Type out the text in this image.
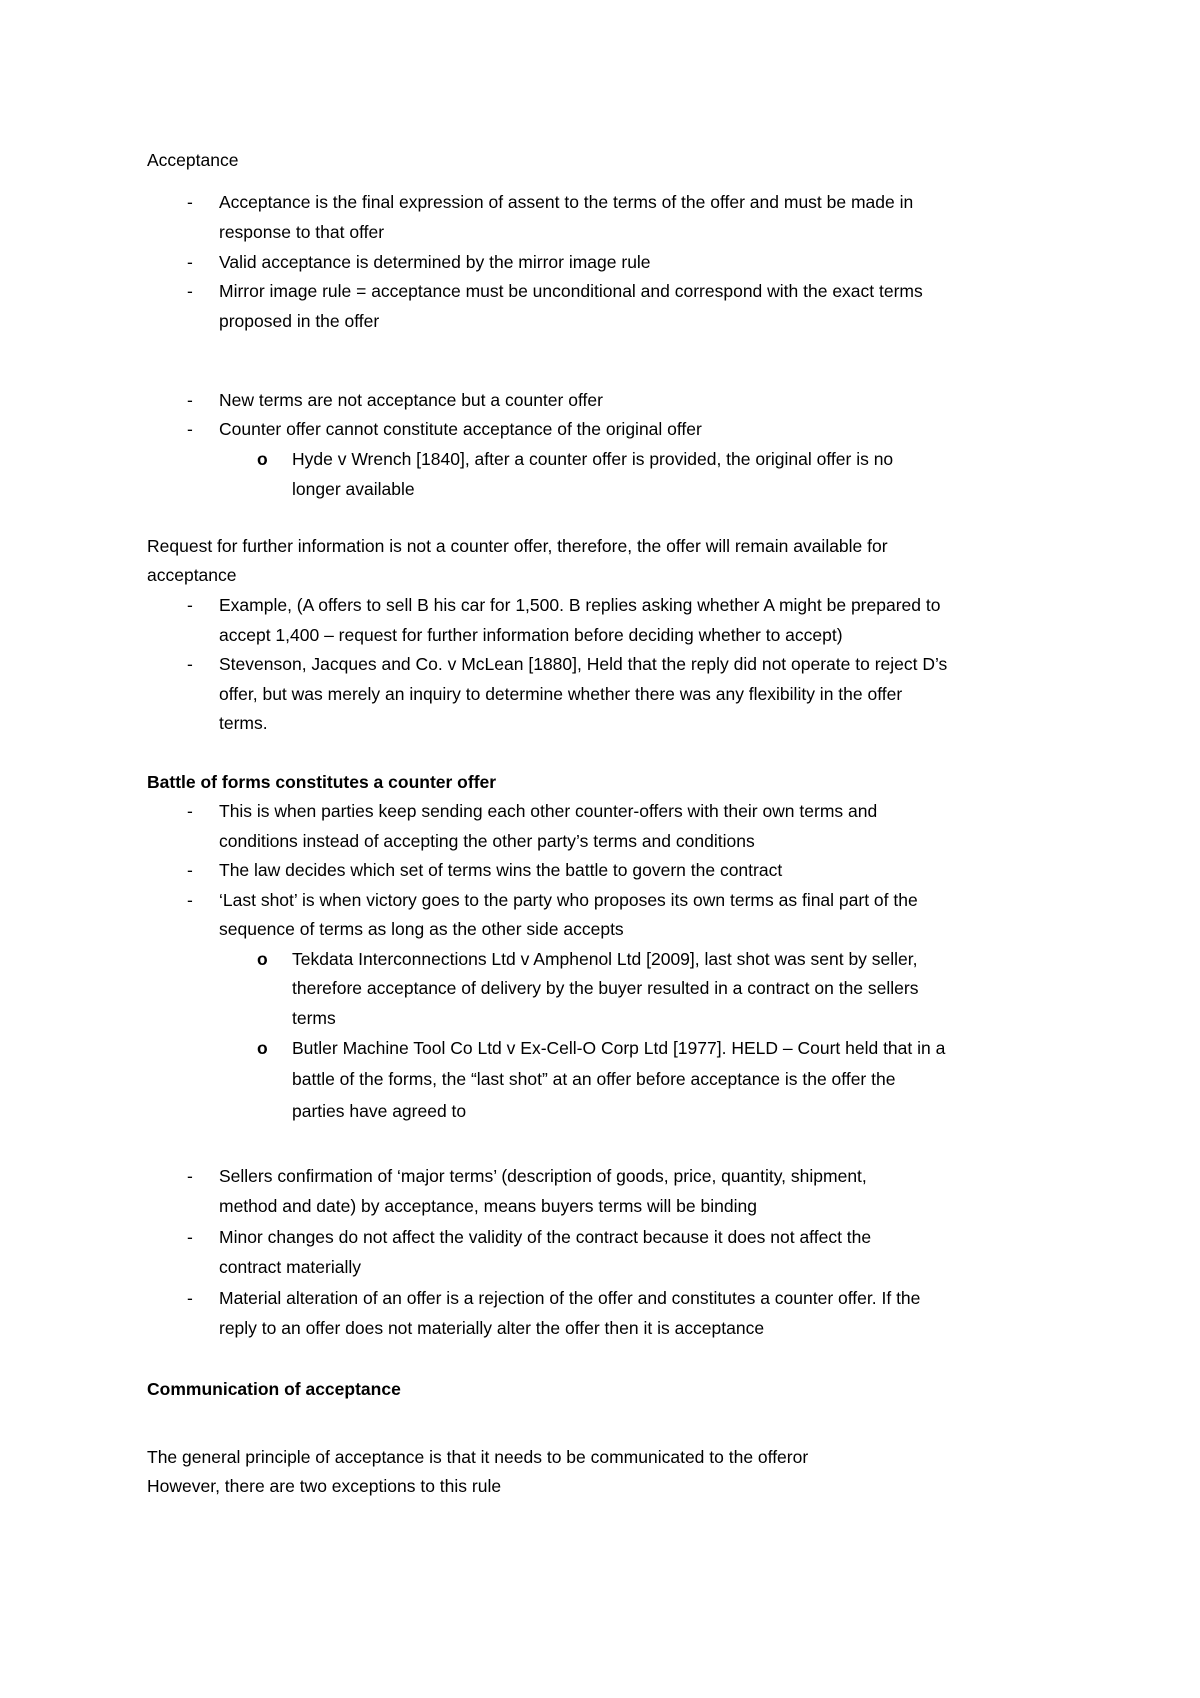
Acceptance
- Acceptance is the final expression of assent to the terms of the offer and must be made in
response to that offer
- Valid acceptance is determined by the mirror image rule
- Mirror image rule = acceptance must be unconditional and correspond with the exact terms
proposed in the offer
- New terms are not acceptance but a counter offer
- Counter offer cannot constitute acceptance of the original offer
o Hyde v Wrench [1840], after a counter offer is provided, the original offer is no
longer available
Request for further information is not a counter offer, therefore, the offer will remain available for
acceptance
- Example, (A offers to sell B his car for 1,500. B replies asking whether A might be prepared to
accept 1,400 – request for further information before deciding whether to accept)
- Stevenson, Jacques and Co. v McLean [1880], Held that the reply did not operate to reject D’s
offer, but was merely an inquiry to determine whether there was any flexibility in the offer
terms.
Battle of forms constitutes a counter offer
- This is when parties keep sending each other counter-offers with their own terms and
conditions instead of accepting the other party’s terms and conditions
- The law decides which set of terms wins the battle to govern the contract
- ‘Last shot’ is when victory goes to the party who proposes its own terms as final part of the
sequence of terms as long as the other side accepts
o Tekdata Interconnections Ltd v Amphenol Ltd [2009], last shot was sent by seller,
therefore acceptance of delivery by the buyer resulted in a contract on the sellers
terms
o Butler Machine Tool Co Ltd v Ex-Cell-O Corp Ltd [1977]. HELD – Court held that in a
battle of the forms, the “last shot” at an offer before acceptance is the offer the
parties have agreed to
- Sellers confirmation of ‘major terms’ (description of goods, price, quantity, shipment,
method and date) by acceptance, means buyers terms will be binding
- Minor changes do not affect the validity of the contract because it does not affect the
contract materially
- Material alteration of an offer is a rejection of the offer and constitutes a counter offer. If the
reply to an offer does not materially alter the offer then it is acceptance
Communication of acceptance
The general principle of acceptance is that it needs to be communicated to the offeror
However, there are two exceptions to this rule
